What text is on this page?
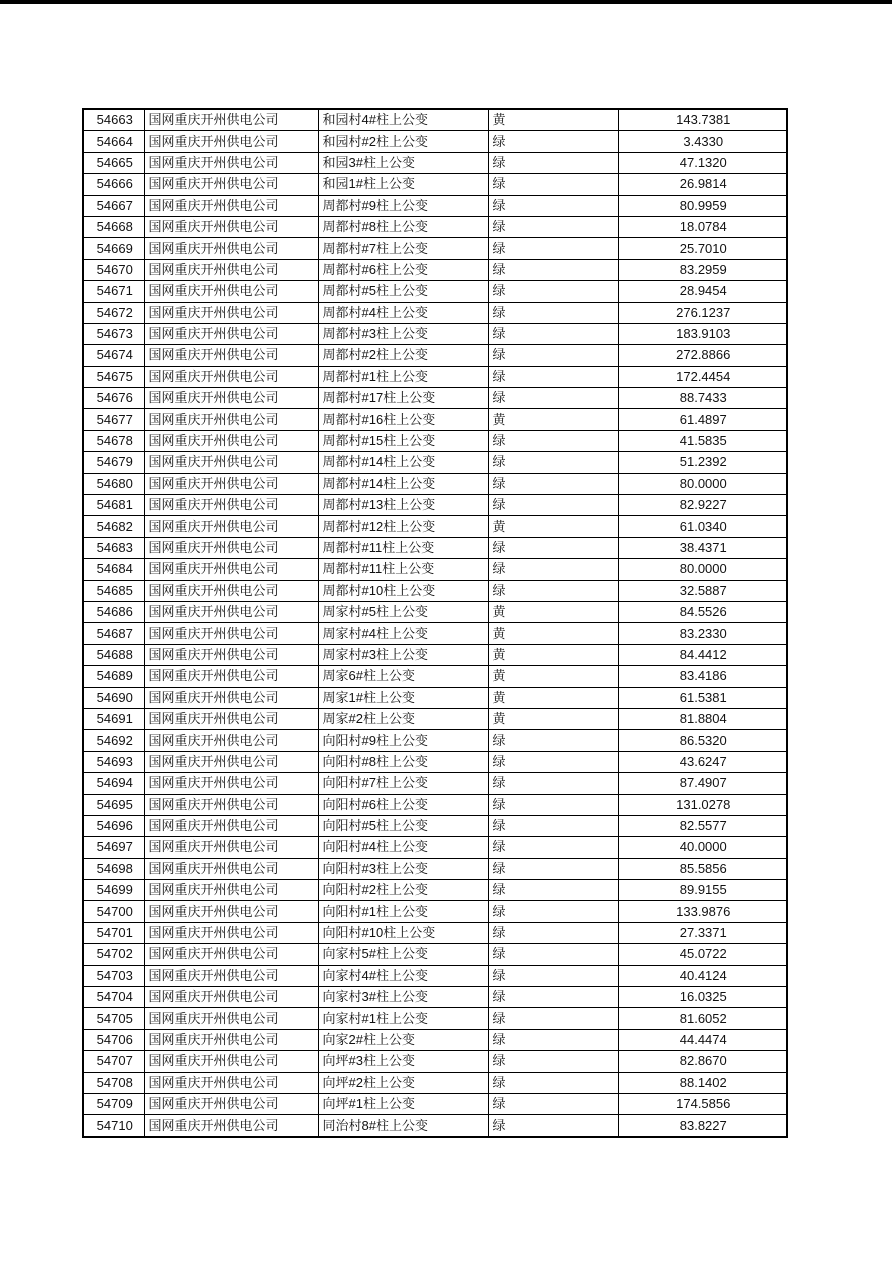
54663	国网重庆开州供电公司	和园村4#柱上公变	黄	143.7381
54664	国网重庆开州供电公司	和园村#2柱上公变	绿	3.4330
54665	国网重庆开州供电公司	和园3#柱上公变	绿	47.1320
54666	国网重庆开州供电公司	和园1#柱上公变	绿	26.9814
54667	国网重庆开州供电公司	周都村#9柱上公变	绿	80.9959
54668	国网重庆开州供电公司	周都村#8柱上公变	绿	18.0784
54669	国网重庆开州供电公司	周都村#7柱上公变	绿	25.7010
54670	国网重庆开州供电公司	周都村#6柱上公变	绿	83.2959
54671	国网重庆开州供电公司	周都村#5柱上公变	绿	28.9454
54672	国网重庆开州供电公司	周都村#4柱上公变	绿	276.1237
54673	国网重庆开州供电公司	周都村#3柱上公变	绿	183.9103
54674	国网重庆开州供电公司	周都村#2柱上公变	绿	272.8866
54675	国网重庆开州供电公司	周都村#1柱上公变	绿	172.4454
54676	国网重庆开州供电公司	周都村#17柱上公变	绿	88.7433
54677	国网重庆开州供电公司	周都村#16柱上公变	黄	61.4897
54678	国网重庆开州供电公司	周都村#15柱上公变	绿	41.5835
54679	国网重庆开州供电公司	周都村#14柱上公变	绿	51.2392
54680	国网重庆开州供电公司	周都村#14柱上公变	绿	80.0000
54681	国网重庆开州供电公司	周都村#13柱上公变	绿	82.9227
54682	国网重庆开州供电公司	周都村#12柱上公变	黄	61.0340
54683	国网重庆开州供电公司	周都村#11柱上公变	绿	38.4371
54684	国网重庆开州供电公司	周都村#11柱上公变	绿	80.0000
54685	国网重庆开州供电公司	周都村#10柱上公变	绿	32.5887
54686	国网重庆开州供电公司	周家村#5柱上公变	黄	84.5526
54687	国网重庆开州供电公司	周家村#4柱上公变	黄	83.2330
54688	国网重庆开州供电公司	周家村#3柱上公变	黄	84.4412
54689	国网重庆开州供电公司	周家6#柱上公变	黄	83.4186
54690	国网重庆开州供电公司	周家1#柱上公变	黄	61.5381
54691	国网重庆开州供电公司	周家#2柱上公变	黄	81.8804
54692	国网重庆开州供电公司	向阳村#9柱上公变	绿	86.5320
54693	国网重庆开州供电公司	向阳村#8柱上公变	绿	43.6247
54694	国网重庆开州供电公司	向阳村#7柱上公变	绿	87.4907
54695	国网重庆开州供电公司	向阳村#6柱上公变	绿	131.0278
54696	国网重庆开州供电公司	向阳村#5柱上公变	绿	82.5577
54697	国网重庆开州供电公司	向阳村#4柱上公变	绿	40.0000
54698	国网重庆开州供电公司	向阳村#3柱上公变	绿	85.5856
54699	国网重庆开州供电公司	向阳村#2柱上公变	绿	89.9155
54700	国网重庆开州供电公司	向阳村#1柱上公变	绿	133.9876
54701	国网重庆开州供电公司	向阳村#10柱上公变	绿	27.3371
54702	国网重庆开州供电公司	向家村5#柱上公变	绿	45.0722
54703	国网重庆开州供电公司	向家村4#柱上公变	绿	40.4124
54704	国网重庆开州供电公司	向家村3#柱上公变	绿	16.0325
54705	国网重庆开州供电公司	向家村#1柱上公变	绿	81.6052
54706	国网重庆开州供电公司	向家2#柱上公变	绿	44.4474
54707	国网重庆开州供电公司	向坪#3柱上公变	绿	82.8670
54708	国网重庆开州供电公司	向坪#2柱上公变	绿	88.1402
54709	国网重庆开州供电公司	向坪#1柱上公变	绿	174.5856
54710	国网重庆开州供电公司	同治村8#柱上公变	绿	83.8227
